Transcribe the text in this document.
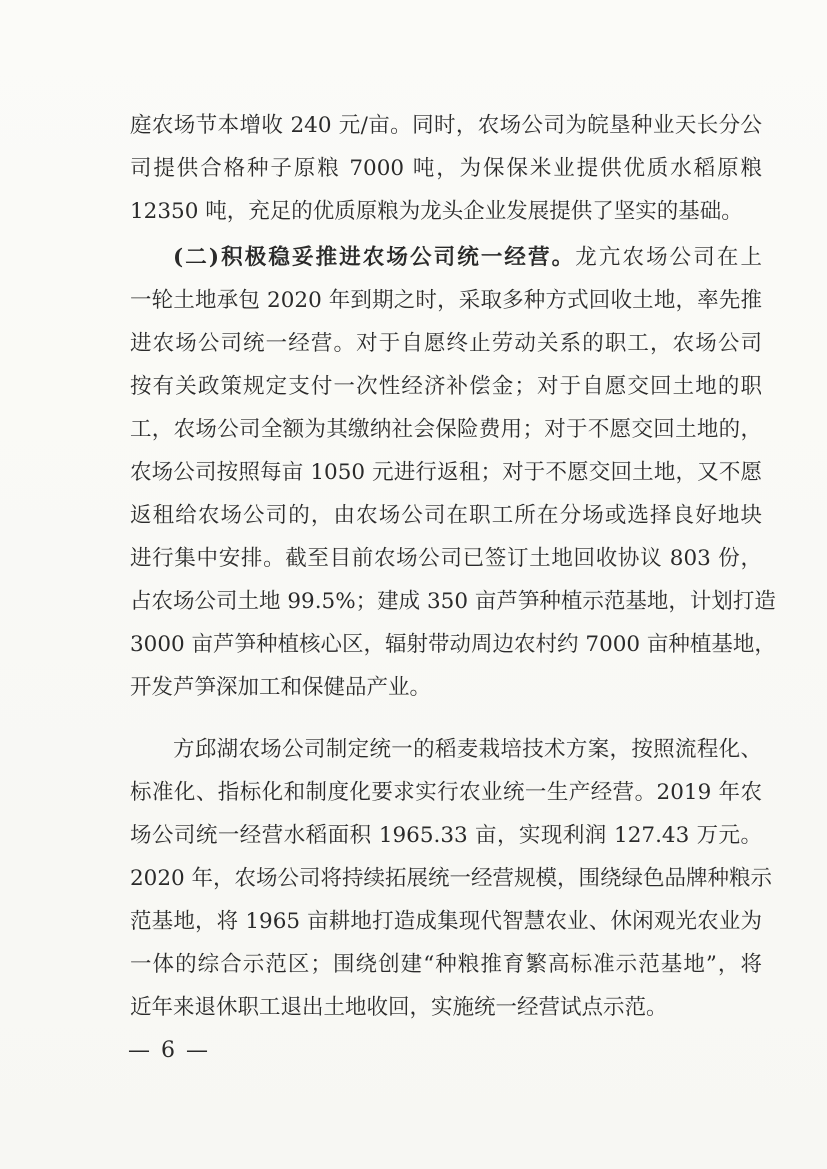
庭农场节本增收 240 元/亩。同时，农场公司为皖垦种业天长分公
司提供合格种子原粮 7000 吨，为保保米业提供优质水稻原粮
12350 吨，充足的优质原粮为龙头企业发展提供了坚实的基础。
(二)积极稳妥推进农场公司统一经营。龙亢农场公司在上
一轮土地承包 2020 年到期之时，采取多种方式回收土地，率先推
进农场公司统一经营。对于自愿终止劳动关系的职工，农场公司
按有关政策规定支付一次性经济补偿金；对于自愿交回土地的职
工，农场公司全额为其缴纳社会保险费用；对于不愿交回土地的，
农场公司按照每亩 1050 元进行返租；对于不愿交回土地，又不愿
返租给农场公司的，由农场公司在职工所在分场或选择良好地块
进行集中安排。截至目前农场公司已签订土地回收协议 803 份，
占农场公司土地 99.5%；建成 350 亩芦笋种植示范基地，计划打造
3000 亩芦笋种植核心区，辐射带动周边农村约 7000 亩种植基地，
开发芦笋深加工和保健品产业。
方邱湖农场公司制定统一的稻麦栽培技术方案，按照流程化、
标准化、指标化和制度化要求实行农业统一生产经营。2019 年农
场公司统一经营水稻面积 1965.33 亩，实现利润 127.43 万元。
2020 年，农场公司将持续拓展统一经营规模，围绕绿色品牌种粮示
范基地，将 1965 亩耕地打造成集现代智慧农业、休闲观光农业为
一体的综合示范区；围绕创建“种粮推育繁高标准示范基地”，将
近年来退休职工退出土地收回，实施统一经营试点示范。
— 6 —
